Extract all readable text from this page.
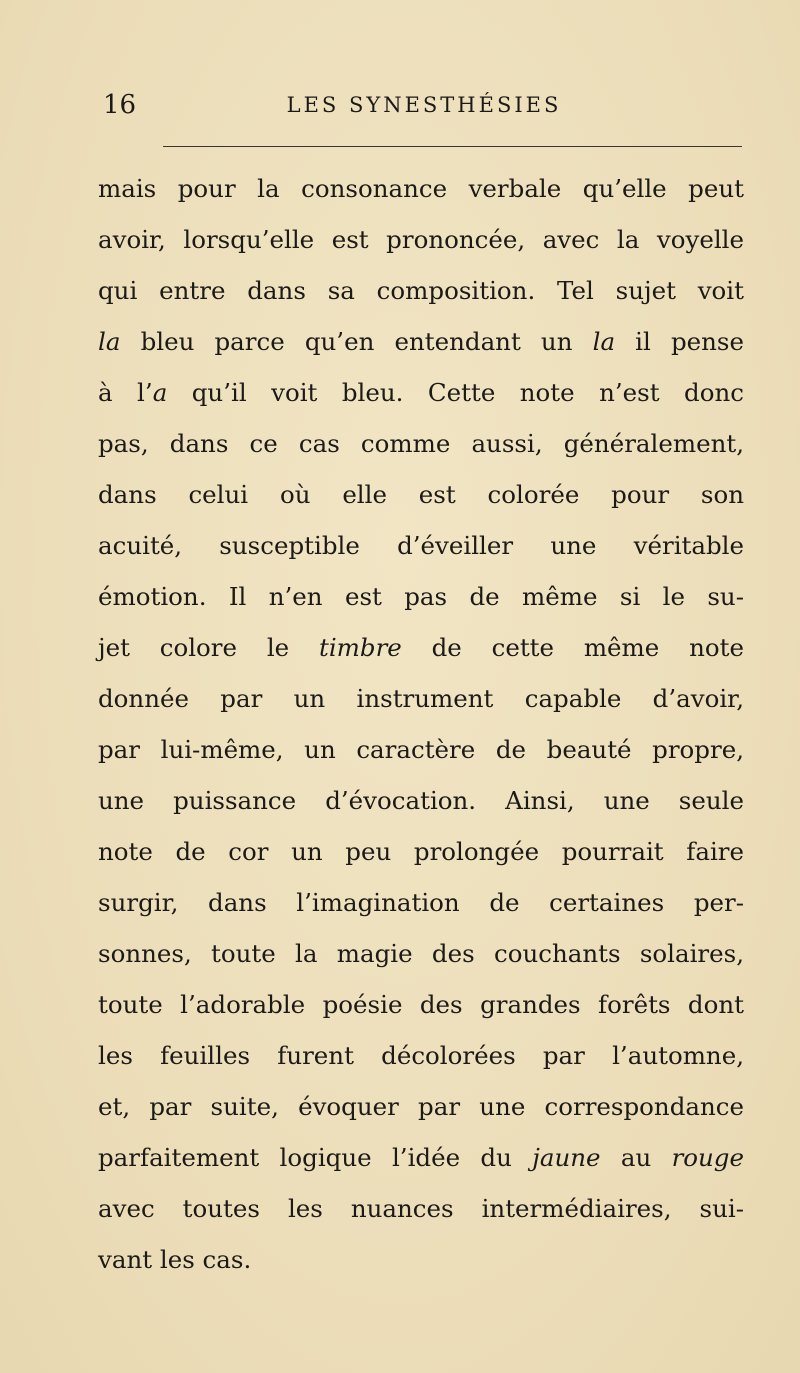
16	LES SYNESTHÉSIES
mais pour la consonance verbale qu’elle peut
avoir, lorsqu’elle est prononcée, avec la voyelle
qui entre dans sa composition. Tel sujet voit
la bleu parce qu’en entendant un la il pense
à l’a qu’il voit bleu. Cette note n’est donc
pas, dans ce cas comme aussi, généralement,
dans celui où elle est colorée pour son
acuité, susceptible d’éveiller une véritable
émotion. Il n’en est pas de même si le su-
jet colore le timbre de cette même note
donnée par un instrument capable d’avoir,
par lui-même, un caractère de beauté propre,
une puissance d’évocation. Ainsi, une seule
note de cor un peu prolongée pourrait faire
surgir, dans l’imagination de certaines per-
sonnes, toute la magie des couchants solaires,
toute l’adorable poésie des grandes forêts dont
les feuilles furent décolorées par l’automne,
et, par suite, évoquer par une correspondance
parfaitement logique l’idée du jaune au rouge
avec toutes les nuances intermédiaires, sui-
vant les cas.
